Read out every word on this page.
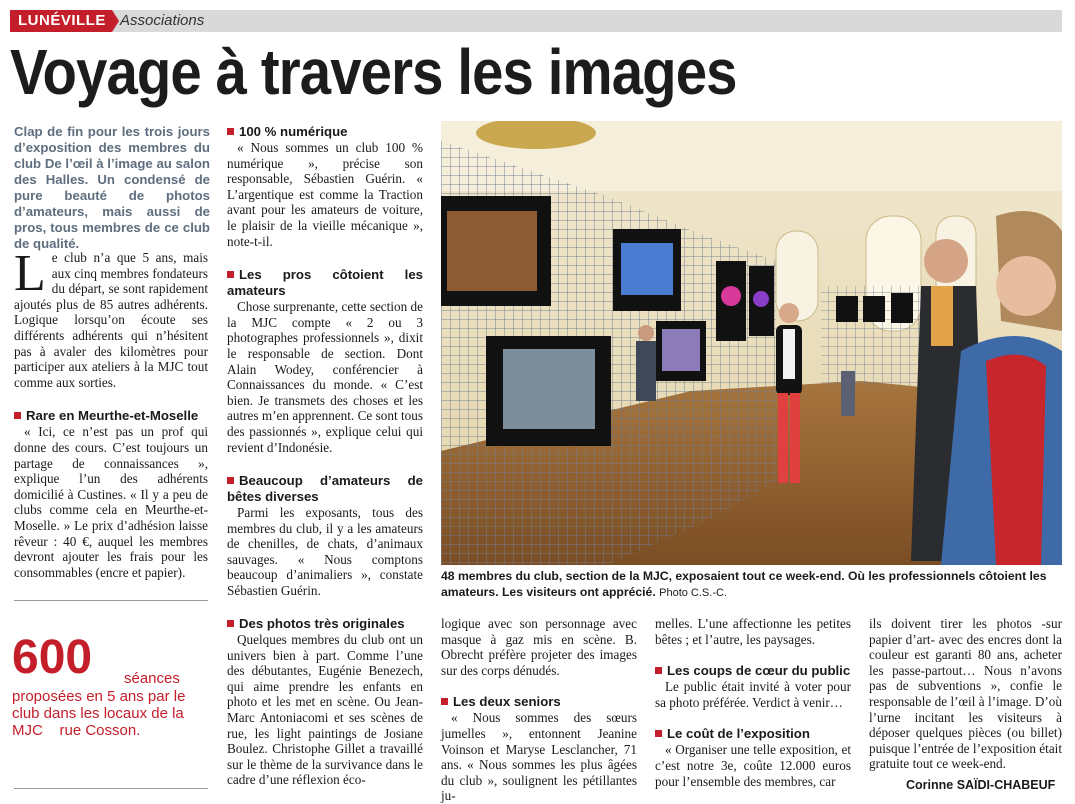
LUNÉVILLE Associations
Voyage à travers les images
Clap de fin pour les trois jours d’exposition des membres du club De l’œil à l’image au salon des Halles. Un condensé de pure beauté de photos d’amateurs, mais aussi de pros, tous membres de ce club de qualité.

Le club n’a que 5 ans, mais aux cinq membres fondateurs du départ, se sont rapidement ajoutés plus de 85 autres adhérents. Logique lorsqu’on écoute ses différents adhérents qui n’hésitent pas à avaler des kilomètres pour participer aux ateliers à la MJC tout comme aux sorties.

Rare en Meurthe-et-Moselle

« Ici, ce n’est pas un prof qui donne des cours. C’est toujours un partage de connaissances », explique l’un des adhérents domicilié à Custines. « Il y a peu de clubs comme cela en Meurthe-et-Moselle. » Le prix d’adhésion laisse rêveur : 40 €, auquel les membres devront ajouter les frais pour les consommables (encre et papier).

600 séances
proposées en 5 ans par le club dans les locaux de la MJC    rue Cosson.
100 % numérique

« Nous sommes un club 100 % numérique », précise son responsable, Sébastien Guérin. « L’argentique est comme la Traction avant pour les amateurs de voiture, le plaisir de la vieille mécanique », note-t-il.

Les pros côtoient les amateurs

Chose surprenante, cette section de la MJC compte « 2 ou 3 photographes professionnels », dixit le responsable de section. Dont Alain Wodey, conférencier à Connaissances du monde. « C’est bien. Je transmets des choses et les autres m’en apprennent. Ce sont tous des passionnés », explique celui qui revient d’Indonésie.

Beaucoup d’amateurs de bêtes diverses

Parmi les exposants, tous des membres du club, il y a les amateurs de chenilles, de chats, d’animaux sauvages. « Nous comptons beaucoup d’animaliers », constate Sébastien Guérin.

Des photos très originales

Quelques membres du club ont un univers bien à part. Comme l’une des débutantes, Eugénie Benezech, qui aime prendre les enfants en photo et les met en scène. Ou Jean-Marc Antoniacomi et ses scènes de rue, les light paintings de Josiane Boulez. Christophe Gillet a travaillé sur le thème de la survivance dans le cadre d’une réflexion éco-

48 membres du club, section de la MJC, exposaient tout ce week-end. Où les professionnels côtoient les amateurs. Les visiteurs ont apprécié. Photo C.S.-C.

logique avec son personnage avec masque à gaz mis en scène. B. Obrecht préfère projeter des images sur des corps dénudés.

Les deux seniors

« Nous sommes des sœurs jumelles », entonnent Jeanine Voinson et Maryse Lesclancher, 71 ans. « Nous sommes les plus âgées du club », soulignent les pétillantes ju-

melles. L’une affectionne les petites bêtes ; et l’autre, les paysages.

Les coups de cœur du public

Le public était invité à voter pour sa photo préférée. Verdict à venir…

Le coût de l’exposition

« Organiser une telle exposition, et c’est notre 3e, coûte 12.000 euros pour l’ensemble des membres, car

ils doivent tirer les photos -sur papier d’art- avec des encres dont la couleur est garanti 80 ans, acheter les passe-partout… Nous n’avons pas de subventions », confie le responsable de l’œil à l’image. D’où l’urne incitant les visiteurs à déposer quelques pièces (ou billet) puisque l’entrée de l’exposition était gratuite tout ce week-end.

Corinne SAÏDI-CHABEUF
